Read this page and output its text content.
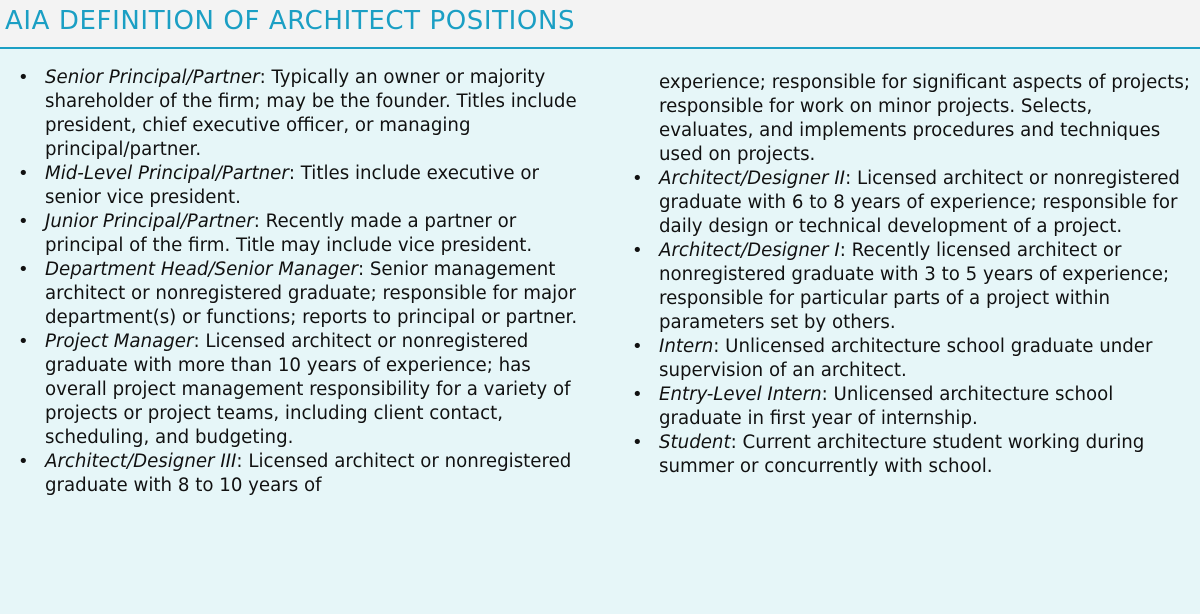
AIA DEFINITION OF ARCHITECT POSITIONS
• Senior Principal/Partner: Typically an owner or majority shareholder of the firm; may be the founder. Titles include president, chief executive officer, or managing principal/partner.
• Mid-Level Principal/Partner: Titles include executive or senior vice president.
• Junior Principal/Partner: Recently made a partner or principal of the firm. Title may include vice president.
• Department Head/Senior Manager: Senior management architect or nonregistered graduate; responsible for major department(s) or functions; reports to principal or partner.
• Project Manager: Licensed architect or nonregistered graduate with more than 10 years of experience; has overall project management responsibility for a variety of projects or project teams, including client contact, scheduling, and budgeting.
• Architect/Designer III: Licensed architect or nonregistered graduate with 8 to 10 years of
experience; responsible for significant aspects of projects; responsible for work on minor projects. Selects, evaluates, and implements procedures and techniques used on projects.
• Architect/Designer II: Licensed architect or nonregistered graduate with 6 to 8 years of experience; responsible for daily design or technical development of a project.
• Architect/Designer I: Recently licensed architect or nonregistered graduate with 3 to 5 years of experience; responsible for particular parts of a project within parameters set by others.
• Intern: Unlicensed architecture school graduate under supervision of an architect.
• Entry-Level Intern: Unlicensed architecture school graduate in first year of internship.
• Student: Current architecture student working during summer or concurrently with school.
